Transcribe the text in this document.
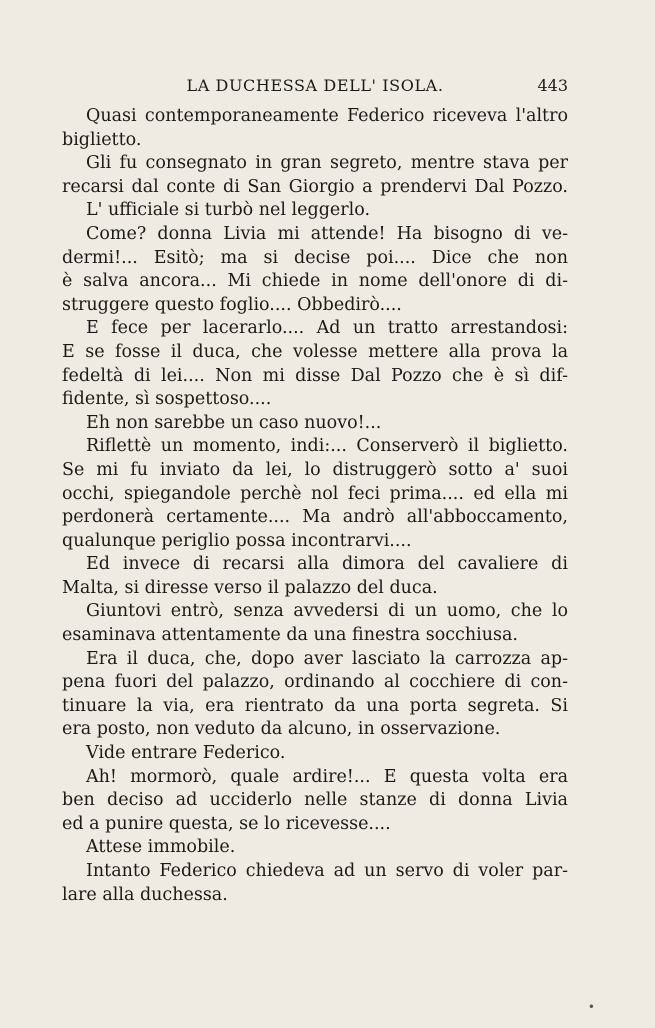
LA DUCHESSA DELL' ISOLA.	443
Quasi contemporaneamente Federico riceveva l'altro
biglietto.
Gli fu consegnato in gran segreto, mentre stava per
recarsi dal conte di San Giorgio a prendervi Dal Pozzo.
L' ufficiale si turbò nel leggerlo.
Come? donna Livia mi attende! Ha bisogno di ve-
dermi!... Esitò; ma si decise poi.... Dice che non
è salva ancora... Mi chiede in nome dell'onore di di-
struggere questo foglio.... Obbedirò....
E fece per lacerarlo.... Ad un tratto arrestandosi:
E se fosse il duca, che volesse mettere alla prova la
fedeltà di lei.... Non mi disse Dal Pozzo che è sì dif-
fidente, sì sospettoso....
Eh non sarebbe un caso nuovo!...
Riflettè un momento, indi:... Conserverò il biglietto.
Se mi fu inviato da lei, lo distruggerò sotto a' suoi
occhi, spiegandole perchè nol feci prima.... ed ella mi
perdonerà certamente.... Ma andrò all'abboccamento,
qualunque periglio possa incontrarvi....
Ed invece di recarsi alla dimora del cavaliere di
Malta, si diresse verso il palazzo del duca.
Giuntovi entrò, senza avvedersi di un uomo, che lo
esaminava attentamente da una finestra socchiusa.
Era il duca, che, dopo aver lasciato la carrozza ap-
pena fuori del palazzo, ordinando al cocchiere di con-
tinuare la via, era rientrato da una porta segreta. Si
era posto, non veduto da alcuno, in osservazione.
Vide entrare Federico.
Ah! mormorò, quale ardire!... E questa volta era
ben deciso ad ucciderlo nelle stanze di donna Livia
ed a punire questa, se lo ricevesse....
Attese immobile.
Intanto Federico chiedeva ad un servo di voler par-
lare alla duchessa.
•
